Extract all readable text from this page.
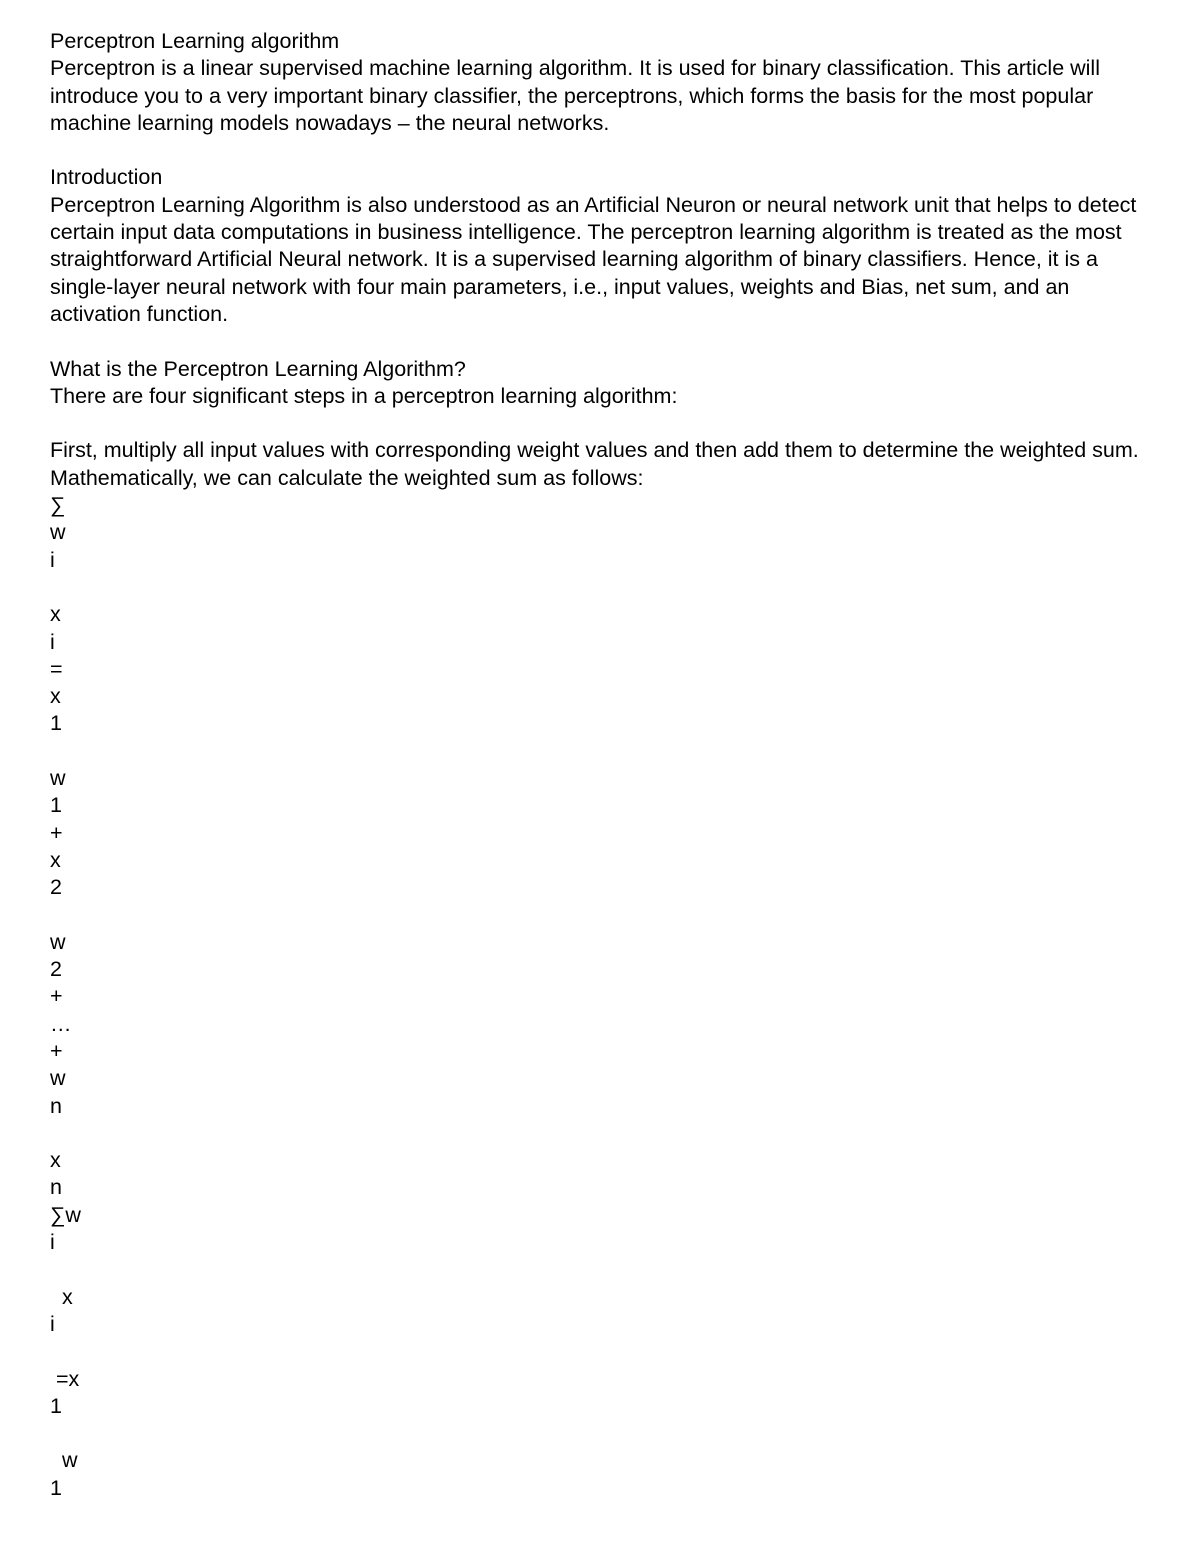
Perceptron Learning algorithm
Perceptron is a linear supervised machine learning algorithm. It is used for binary classification. This article will introduce you to a very important binary classifier, the perceptrons, which forms the basis for the most popular machine learning models nowadays – the neural networks.
Introduction
Perceptron Learning Algorithm is also understood as an Artificial Neuron or neural network unit that helps to detect certain input data computations in business intelligence. The perceptron learning algorithm is treated as the most straightforward Artificial Neural network. It is a supervised learning algorithm of binary classifiers. Hence, it is a single-layer neural network with four main parameters, i.e., input values, weights and Bias, net sum, and an activation function.
What is the Perceptron Learning Algorithm?
There are four significant steps in a perceptron learning algorithm:
First, multiply all input values with corresponding weight values and then add them to determine the weighted sum. Mathematically, we can calculate the weighted sum as follows:
∑
w
i
x
i
=
x
1
w
1
+
x
2
w
2
+
…
+
w
n
x
n
∑w
i
x
i
=x
1
w
1
